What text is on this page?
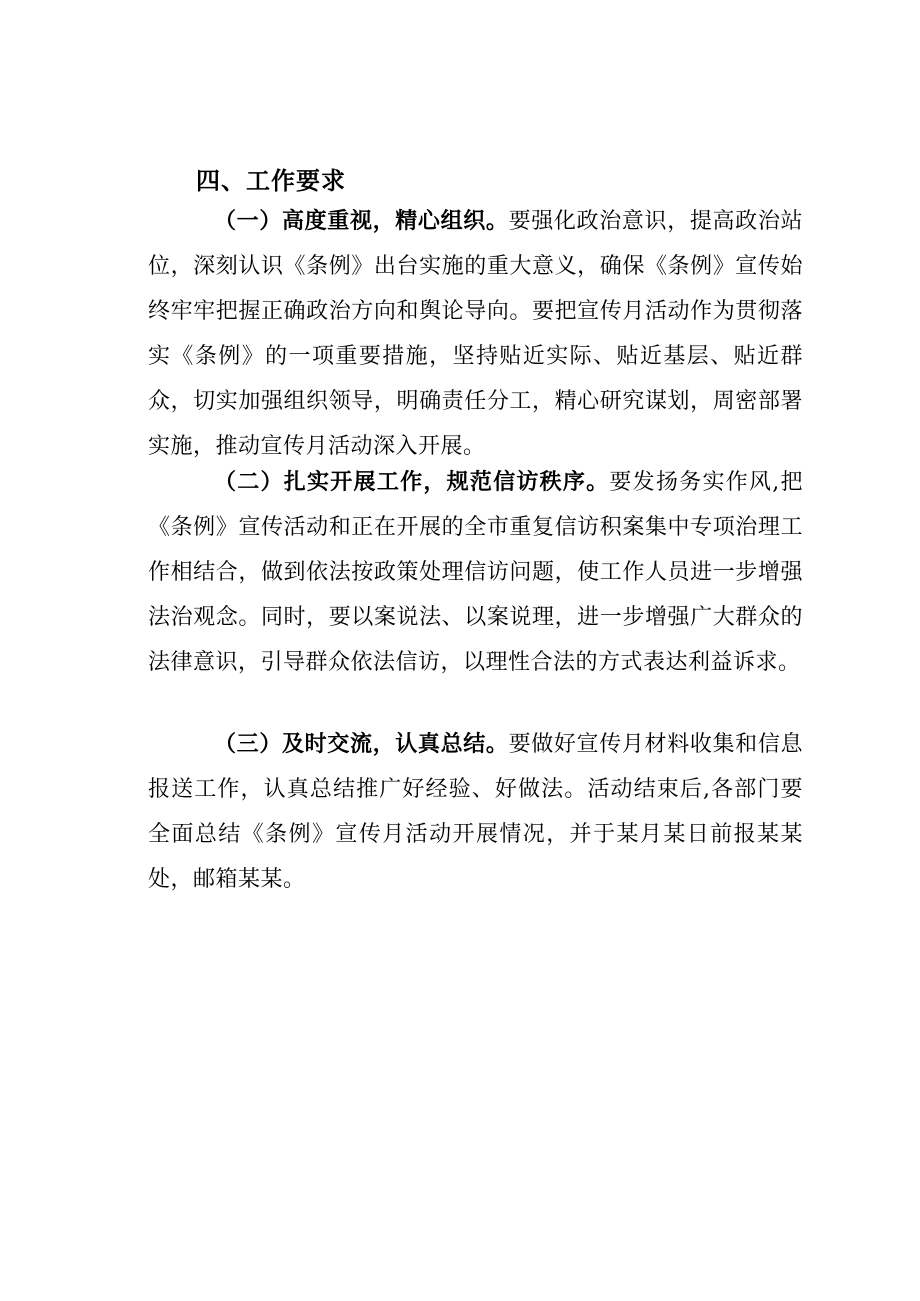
四、工作要求

（一）高度重视，精心组织。要强化政治意识，提高政治站位，深刻认识《条例》出台实施的重大意义，确保《条例》宣传始终牢牢把握正确政治方向和舆论导向。要把宣传月活动作为贯彻落实《条例》的一项重要措施，坚持贴近实际、贴近基层、贴近群众，切实加强组织领导，明确责任分工，精心研究谋划，周密部署实施，推动宣传月活动深入开展。

（二）扎实开展工作，规范信访秩序。要发扬务实作风,把《条例》宣传活动和正在开展的全市重复信访积案集中专项治理工作相结合，做到依法按政策处理信访问题，使工作人员进一步增强法治观念。同时，要以案说法、以案说理，进一步增强广大群众的法律意识，引导群众依法信访，以理性合法的方式表达利益诉求。

（三）及时交流，认真总结。要做好宣传月材料收集和信息报送工作，认真总结推广好经验、好做法。活动结束后,各部门要全面总结《条例》宣传月活动开展情况，并于某月某日前报某某处，邮箱某某。
